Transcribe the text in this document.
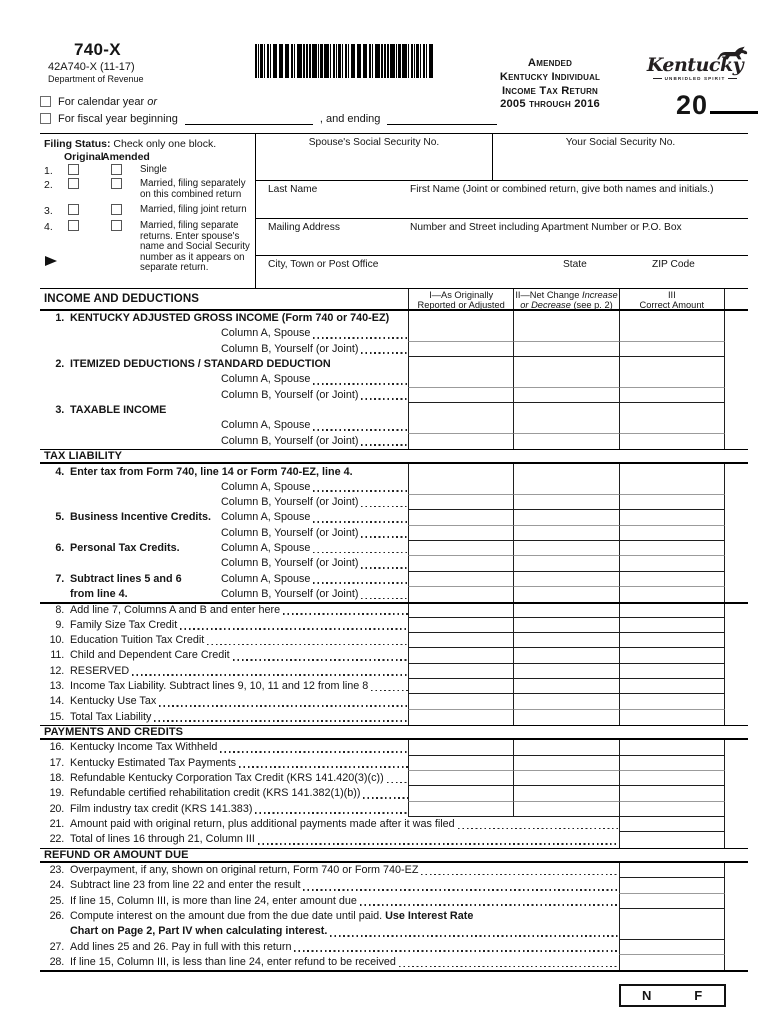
740-X
42A740-X (11-17)
Department of Revenue
Amended
Kentucky Individual
Income Tax Return
2005 through 2016
Kentucky
UNBRIDLED SPIRIT
20
For calendar year or
For fiscal year beginning	, and ending
Filing Status: Check only one block.
Original
Amended
1.	Single
2.	Married, filing separately on this combined return
3.	Married, filing joint return
4.	Married, filing separate returns. Enter spouse's name and Social Security number as it appears on separate return.
Spouse's Social Security No.	Your Social Security No.
Last Name	First Name (Joint or combined return, give both names and initials.)
Mailing Address	Number and Street including Apartment Number or P.O. Box
City, Town or Post Office	State	ZIP Code
INCOME AND DEDUCTIONS	I—As Originally
Reported or Adjusted
II—Net Change Increase
or Decrease (see p. 2)
III
Correct Amount
1. KENTUCKY ADJUSTED GROSS INCOME (Form 740 or 740-EZ)
Column A, Spouse
Column B, Yourself (or Joint)
2. ITEMIZED DEDUCTIONS / STANDARD DEDUCTION
Column A, Spouse
Column B, Yourself (or Joint)
3. TAXABLE INCOME
Column A, Spouse
Column B, Yourself (or Joint)
TAX LIABILITY
4. Enter tax from Form 740, line 14 or Form 740-EZ, line 4.
Column A, Spouse
Column B, Yourself (or Joint)
5. Business Incentive Credits. Column A, Spouse
Column B, Yourself (or Joint)
6. Personal Tax Credits.	Column A, Spouse
Column B, Yourself (or Joint)
7. Subtract lines 5 and 6	Column A, Spouse
from line 4.	Column B, Yourself (or Joint)
8. Add line 7, Columns A and B and enter here
9. Family Size Tax Credit
10. Education Tuition Tax Credit
11. Child and Dependent Care Credit
12. RESERVED
13. Income Tax Liability. Subtract lines 9, 10, 11 and 12 from line 8
14. Kentucky Use Tax
15. Total Tax Liability
PAYMENTS AND CREDITS
16. Kentucky Income Tax Withheld
17. Kentucky Estimated Tax Payments
18. Refundable Kentucky Corporation Tax Credit (KRS 141.420(3)(c))
19. Refundable certified rehabilitation credit (KRS 141.382(1)(b))
20. Film industry tax credit (KRS 141.383)
21. Amount paid with original return, plus additional payments made after it was filed
22. Total of lines 16 through 21, Column III
REFUND OR AMOUNT DUE
23. Overpayment, if any, shown on original return, Form 740 or Form 740-EZ
24. Subtract line 23 from line 22 and enter the result
25. If line 15, Column III, is more than line 24, enter amount due
26. Compute interest on the amount due from the due date until paid. Use Interest Rate
Chart on Page 2, Part IV when calculating interest.
27. Add lines 25 and 26. Pay in full with this return
28. If line 15, Column III, is less than line 24, enter refund to be received
N	F
